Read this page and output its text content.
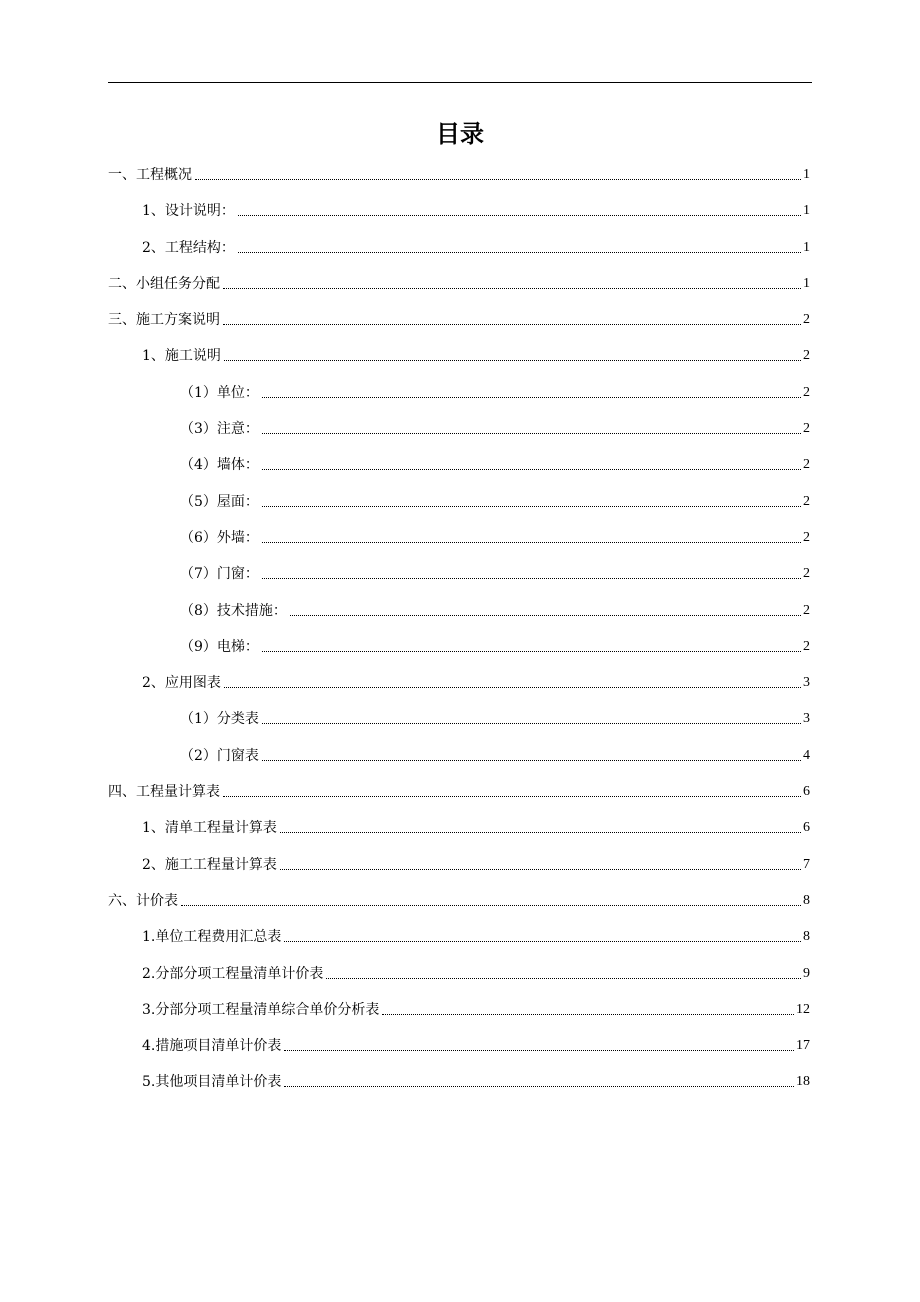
目录
一、工程概况	1
1、设计说明：	1
2、工程结构：	1
二、小组任务分配	1
三、施工方案说明	2
1、施工说明	2
（1）单位：	2
（3）注意：	2
（4）墙体：	2
（5）屋面：	2
（6）外墙：	2
（7）门窗：	2
（8）技术措施：	2
（9）电梯：	2
2、应用图表	3
（1）分类表	3
（2）门窗表	4
四、工程量计算表	6
1、清单工程量计算表	6
2、施工工程量计算表	7
六、计价表	8
1.单位工程费用汇总表	8
2.分部分项工程量清单计价表	9
3.分部分项工程量清单综合单价分析表	12
4.措施项目清单计价表	17
5.其他项目清单计价表	18
